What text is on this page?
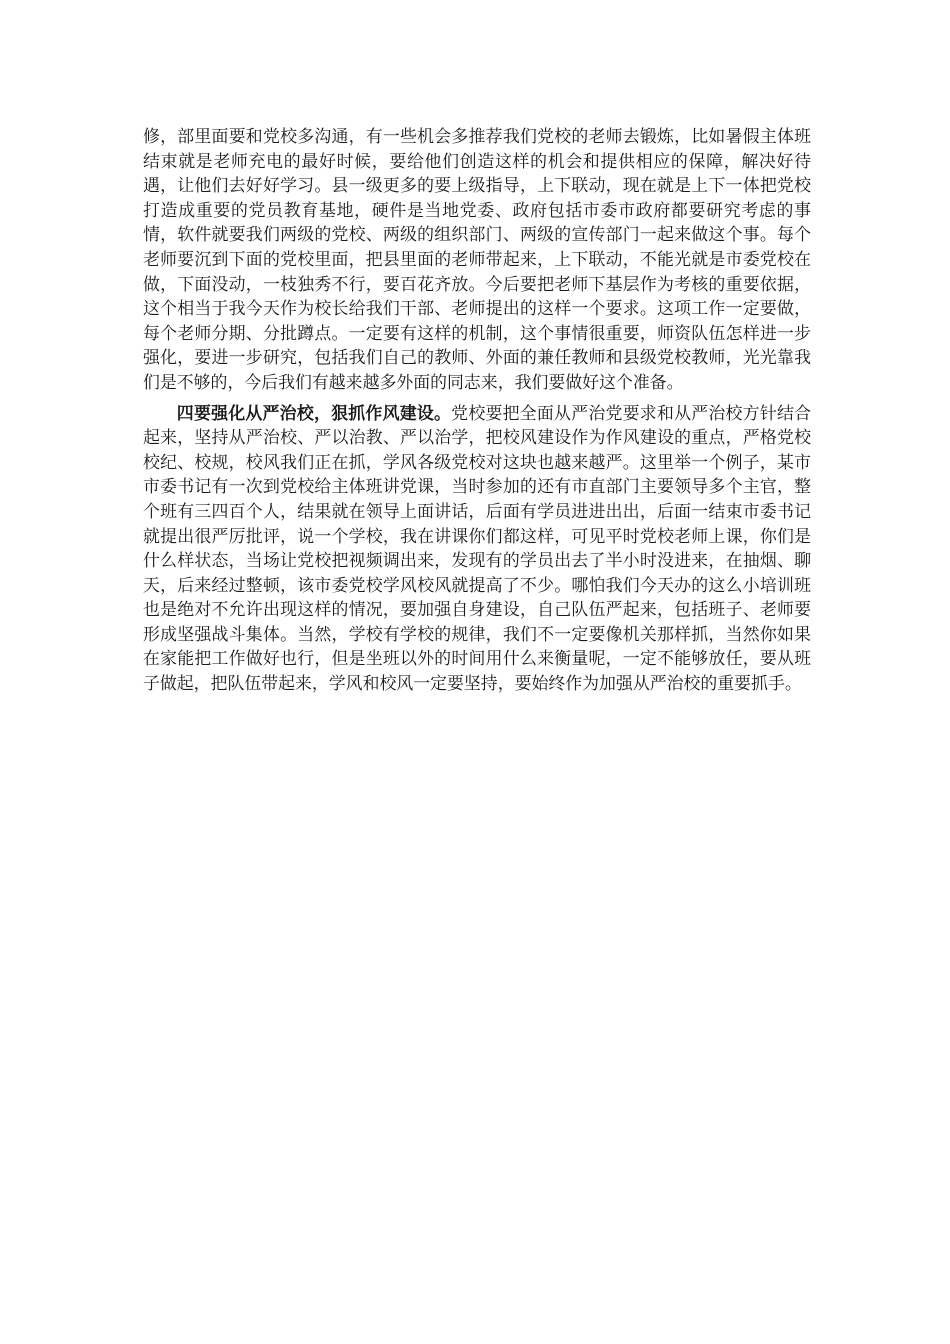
修，部里面要和党校多沟通，有一些机会多推荐我们党校的老师去锻炼，比如暑假主体班结束就是老师充电的最好时候，要给他们创造这样的机会和提供相应的保障，解决好待遇，让他们去好好学习。县一级更多的要上级指导，上下联动，现在就是上下一体把党校打造成重要的党员教育基地，硬件是当地党委、政府包括市委市政府都要研究考虑的事情，软件就要我们两级的党校、两级的组织部门、两级的宣传部门一起来做这个事。每个老师要沉到下面的党校里面，把县里面的老师带起来，上下联动，不能光就是市委党校在做，下面没动，一枝独秀不行，要百花齐放。今后要把老师下基层作为考核的重要依据，这个相当于我今天作为校长给我们干部、老师提出的这样一个要求。这项工作一定要做，每个老师分期、分批蹲点。一定要有这样的机制，这个事情很重要，师资队伍怎样进一步强化，要进一步研究，包括我们自己的教师、外面的兼任教师和县级党校教师，光光靠我们是不够的，今后我们有越来越多外面的同志来，我们要做好这个准备。

四要强化从严治校，狠抓作风建设。党校要把全面从严治党要求和从严治校方针结合起来，坚持从严治校、严以治教、严以治学，把校风建设作为作风建设的重点，严格党校校纪、校规，校风我们正在抓，学风各级党校对这块也越来越严。这里举一个例子，某市市委书记有一次到党校给主体班讲党课，当时参加的还有市直部门主要领导多个主官，整个班有三四百个人，结果就在领导上面讲话，后面有学员进进出出，后面一结束市委书记就提出很严厉批评，说一个学校，我在讲课你们都这样，可见平时党校老师上课，你们是什么样状态，当场让党校把视频调出来，发现有的学员出去了半小时没进来，在抽烟、聊天，后来经过整顿，该市委党校学风校风就提高了不少。哪怕我们今天办的这么小培训班也是绝对不允许出现这样的情况，要加强自身建设，自己队伍严起来，包括班子、老师要形成坚强战斗集体。当然，学校有学校的规律，我们不一定要像机关那样抓，当然你如果在家能把工作做好也行，但是坐班以外的时间用什么来衡量呢，一定不能够放任，要从班子做起，把队伍带起来，学风和校风一定要坚持，要始终作为加强从严治校的重要抓手。
